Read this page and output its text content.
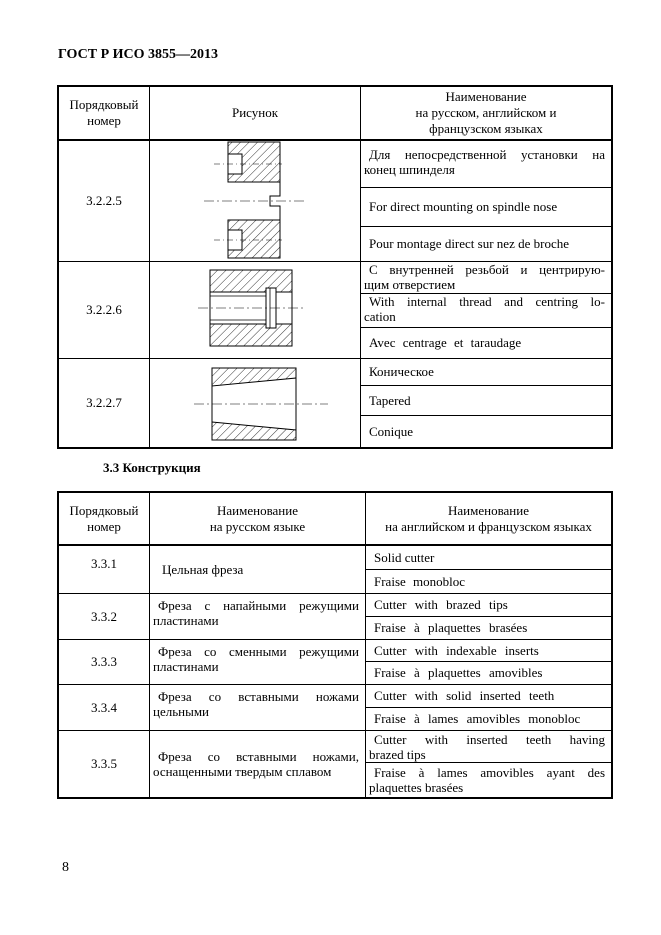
ГОСТ Р ИСО 3855—2013
Порядковый
номер
Рисунок
Наименование
на русском, английском и
французском языках
3.2.2.5
Для непосредственной установки на
конец шпинделя
For direct mounting on spindle nose
Pour montage direct sur nez de broche
3.2.2.6
С внутренней резьбой и центрирую-
щим отверстием
With internal thread and centring lo-
cation
Avec centrage et taraudage
3.2.2.7
Коническое
Tapered
Conique
3.3 Конструкция
Порядковый
номер
Наименование
на русском языке
Наименование
на английском и французском языках
3.3.1	Цельная фреза
Solid cutter
Fraise monobloc
3.3.2
Фреза с напайными режущими
пластинами
Cutter with brazed tips
Fraise à plaquettes brasées
3.3.3
Фреза со сменными режущими
пластинами
Cutter with indexable inserts
Fraise à plaquettes amovibles
3.3.4
Фреза со вставными ножами
цельными
Cutter with solid inserted teeth
Fraise à lames amovibles monobloc
3.3.5	Фреза со вставными ножами,
оснащенными твердым сплавом
Cutter with inserted teeth having
brazed tips
Fraise à lames amovibles ayant des
plaquettes brasées
8
